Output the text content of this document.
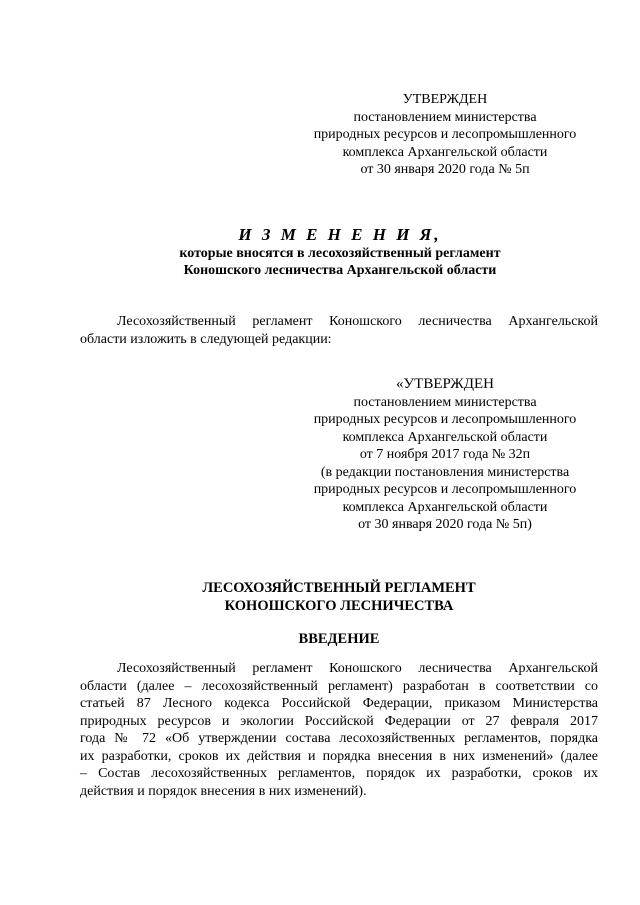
УТВЕРЖДЕН
постановлением министерства
природных ресурсов и лесопромышленного
комплекса Архангельской области
от 30 января 2020 года № 5п
И З М Е Н Е Н И Я,
которые вносятся в лесохозяйственный регламент
Коношского лесничества Архангельской области
Лесохозяйственный регламент Коношского лесничества Архангельской
области изложить в следующей редакции:
«УТВЕРЖДЕН
постановлением министерства
природных ресурсов и лесопромышленного
комплекса Архангельской области
от 7 ноября 2017 года № 32п
(в редакции постановления министерства
природных ресурсов и лесопромышленного
комплекса Архангельской области
от 30 января 2020 года № 5п)
ЛЕСОХОЗЯЙСТВЕННЫЙ РЕГЛАМЕНТ
КОНОШСКОГО ЛЕСНИЧЕСТВА
ВВЕДЕНИЕ
Лесохозяйственный регламент Коношского лесничества Архангельской
области (далее – лесохозяйственный регламент) разработан в соответствии со
статьей 87 Лесного кодекса Российской Федерации, приказом Министерства
природных ресурсов и экологии Российской Федерации от 27 февраля 2017
года № 72 «Об утверждении состава лесохозяйственных регламентов, порядка
их разработки, сроков их действия и порядка внесения в них изменений» (далее
– Состав лесохозяйственных регламентов, порядок их разработки, сроков их
действия и порядок внесения в них изменений).
